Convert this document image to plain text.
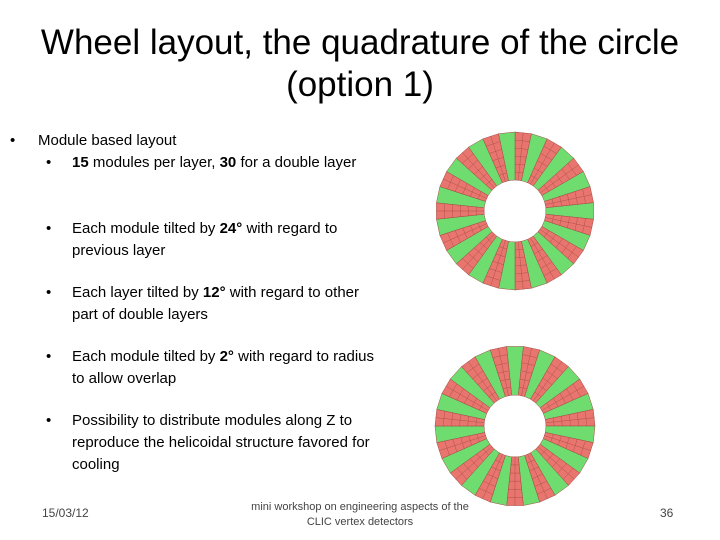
Wheel layout, the quadrature of the circle (option 1)
• Module based layout
• 15 modules per layer, 30 for a double layer
• Each module tilted by 24° with regard to previous layer
• Each layer tilted by 12° with regard to other part of double layers
• Each module tilted by 2° with regard to radius to allow overlap
• Possibility to distribute modules along Z to reproduce the helicoidal structure favored for cooling
15/03/12	mini workshop on engineering aspects of the CLIC vertex detectors
36
